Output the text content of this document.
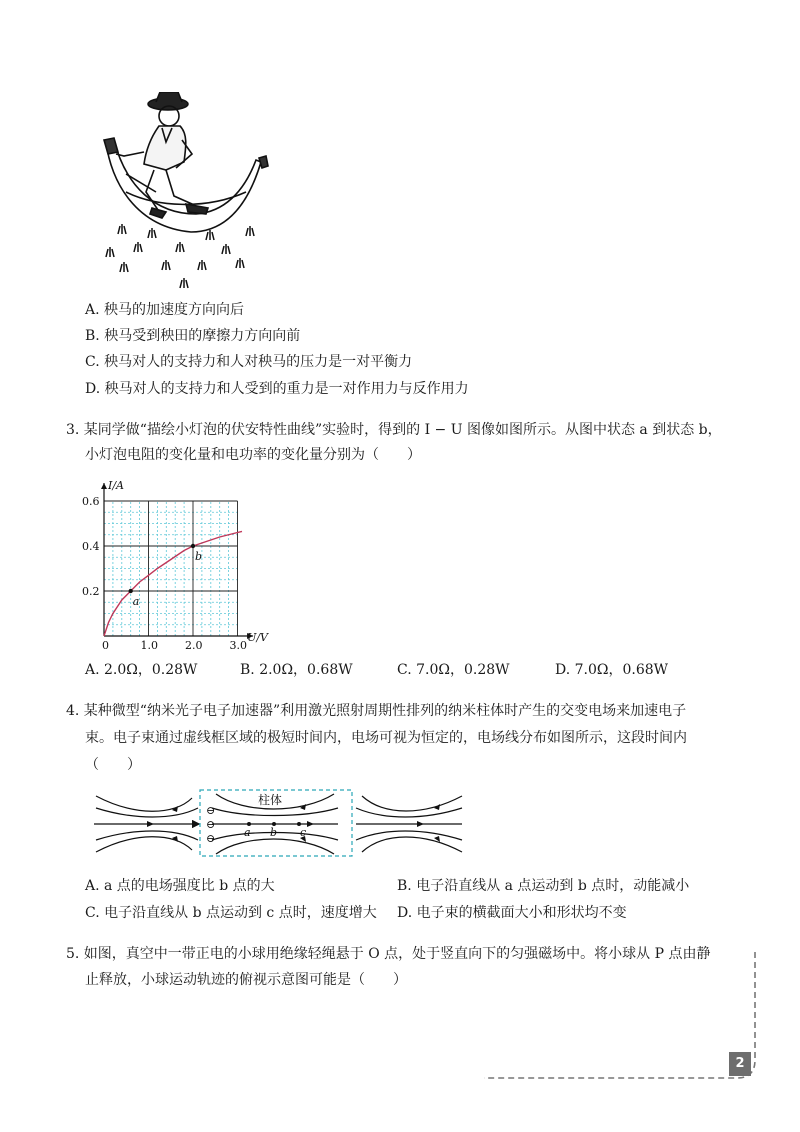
A. 秧马的加速度方向向后
B. 秧马受到秧田的摩擦力方向向前
C. 秧马对人的支持力和人对秧马的压力是一对平衡力
D. 秧马对人的支持力和人受到的重力是一对作用力与反作用力
3. 某同学做“描绘小灯泡的伏安特性曲线”实验时，得到的 I − U 图像如图所示。从图中状态 a 到状态 b，
小灯泡电阻的变化量和电功率的变化量分别为（　　）
0	1.0 2.0 3.0
0.2
0.4
0.6
U/V
I/A
a
b
A. 2.0Ω，0.28W	B. 2.0Ω，0.68W	C. 7.0Ω，0.28W	D. 7.0Ω，0.68W
4. 某种微型“纳米光子电子加速器”利用激光照射周期性排列的纳米柱体时产生的交变电场来加速电子
束。电子束通过虚线框区域的极短时间内，电场可视为恒定的，电场线分布如图所示，这段时间内
（　　）
⊖
⊖
⊖	a b c
柱体
A. a 点的电场强度比 b 点的大	B. 电子沿直线从 a 点运动到 b 点时，动能减小
C. 电子沿直线从 b 点运动到 c 点时，速度增大 D. 电子束的横截面大小和形状均不变
5. 如图，真空中一带正电的小球用绝缘轻绳悬于 O 点，处于竖直向下的匀强磁场中。将小球从 P 点由静
止释放，小球运动轨迹的俯视示意图可能是（　　）
2
